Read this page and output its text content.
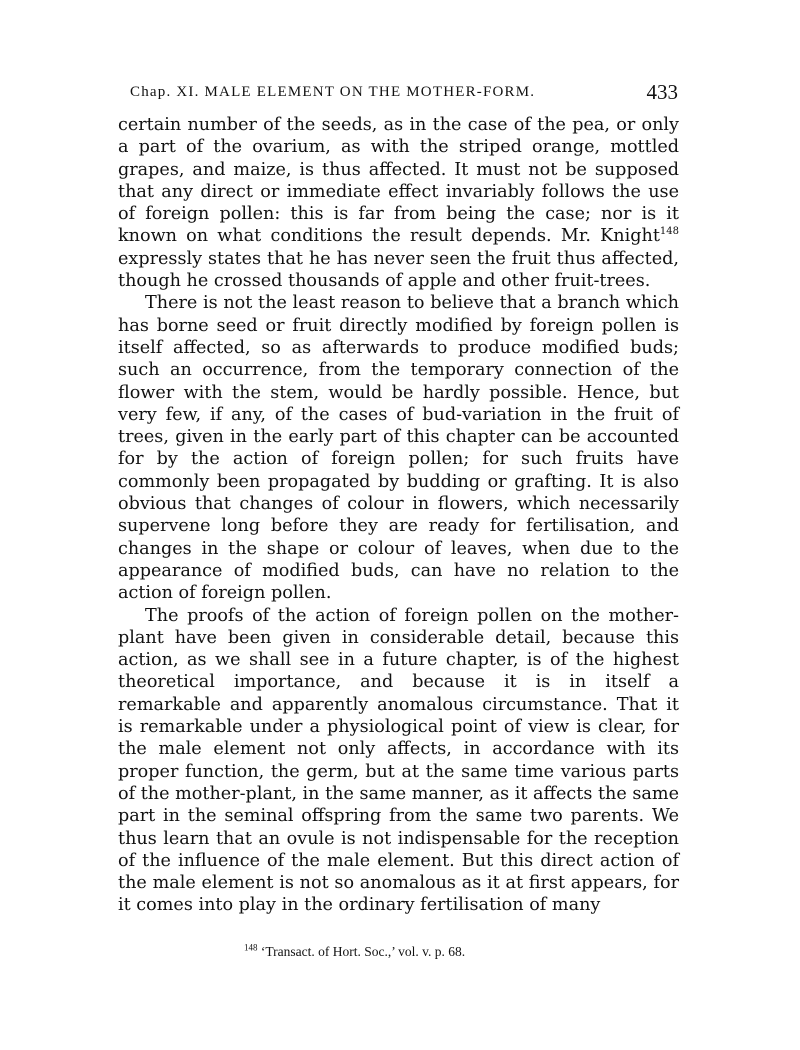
Chap. XI. MALE ELEMENT ON THE MOTHER-FORM.	433

certain number of the seeds, as in the case of the pea, or only a part of the ovarium, as with the striped orange, mottled grapes, and maize, is thus affected. It must not be supposed that any direct or immediate effect invariably follows the use of foreign pollen: this is far from being the case; nor is it known on what conditions the result depends. Mr. Knight$^{148}$ expressly states that he has never seen the fruit thus affected, though he crossed thousands of apple and other fruit-trees.

There is not the least reason to believe that a branch which has borne seed or fruit directly modified by foreign pollen is itself affected, so as afterwards to produce modified buds; such an occurrence, from the temporary connection of the flower with the stem, would be hardly possible. Hence, but very few, if any, of the cases of bud-variation in the fruit of trees, given in the early part of this chapter can be accounted for by the action of foreign pollen; for such fruits have commonly been propagated by budding or grafting. It is also obvious that changes of colour in flowers, which necessarily supervene long before they are ready for fertilisation, and changes in the shape or colour of leaves, when due to the appearance of modified buds, can have no relation to the action of foreign pollen.

The proofs of the action of foreign pollen on the mother-plant have been given in considerable detail, because this action, as we shall see in a future chapter, is of the highest theoretical importance, and because it is in itself a remarkable and apparently anomalous circumstance. That it is remarkable under a physiological point of view is clear, for the male element not only affects, in accordance with its proper function, the germ, but at the same time various parts of the mother-plant, in the same manner, as it affects the same part in the seminal offspring from the same two parents. We thus learn that an ovule is not indispensable for the reception of the influence of the male element. But this direct action of the male element is not so anomalous as it at first appears, for it comes into play in the ordinary fertilisation of many

$^{148}$ ‘Transact. of Hort. Soc.,’ vol. v. p. 68.
